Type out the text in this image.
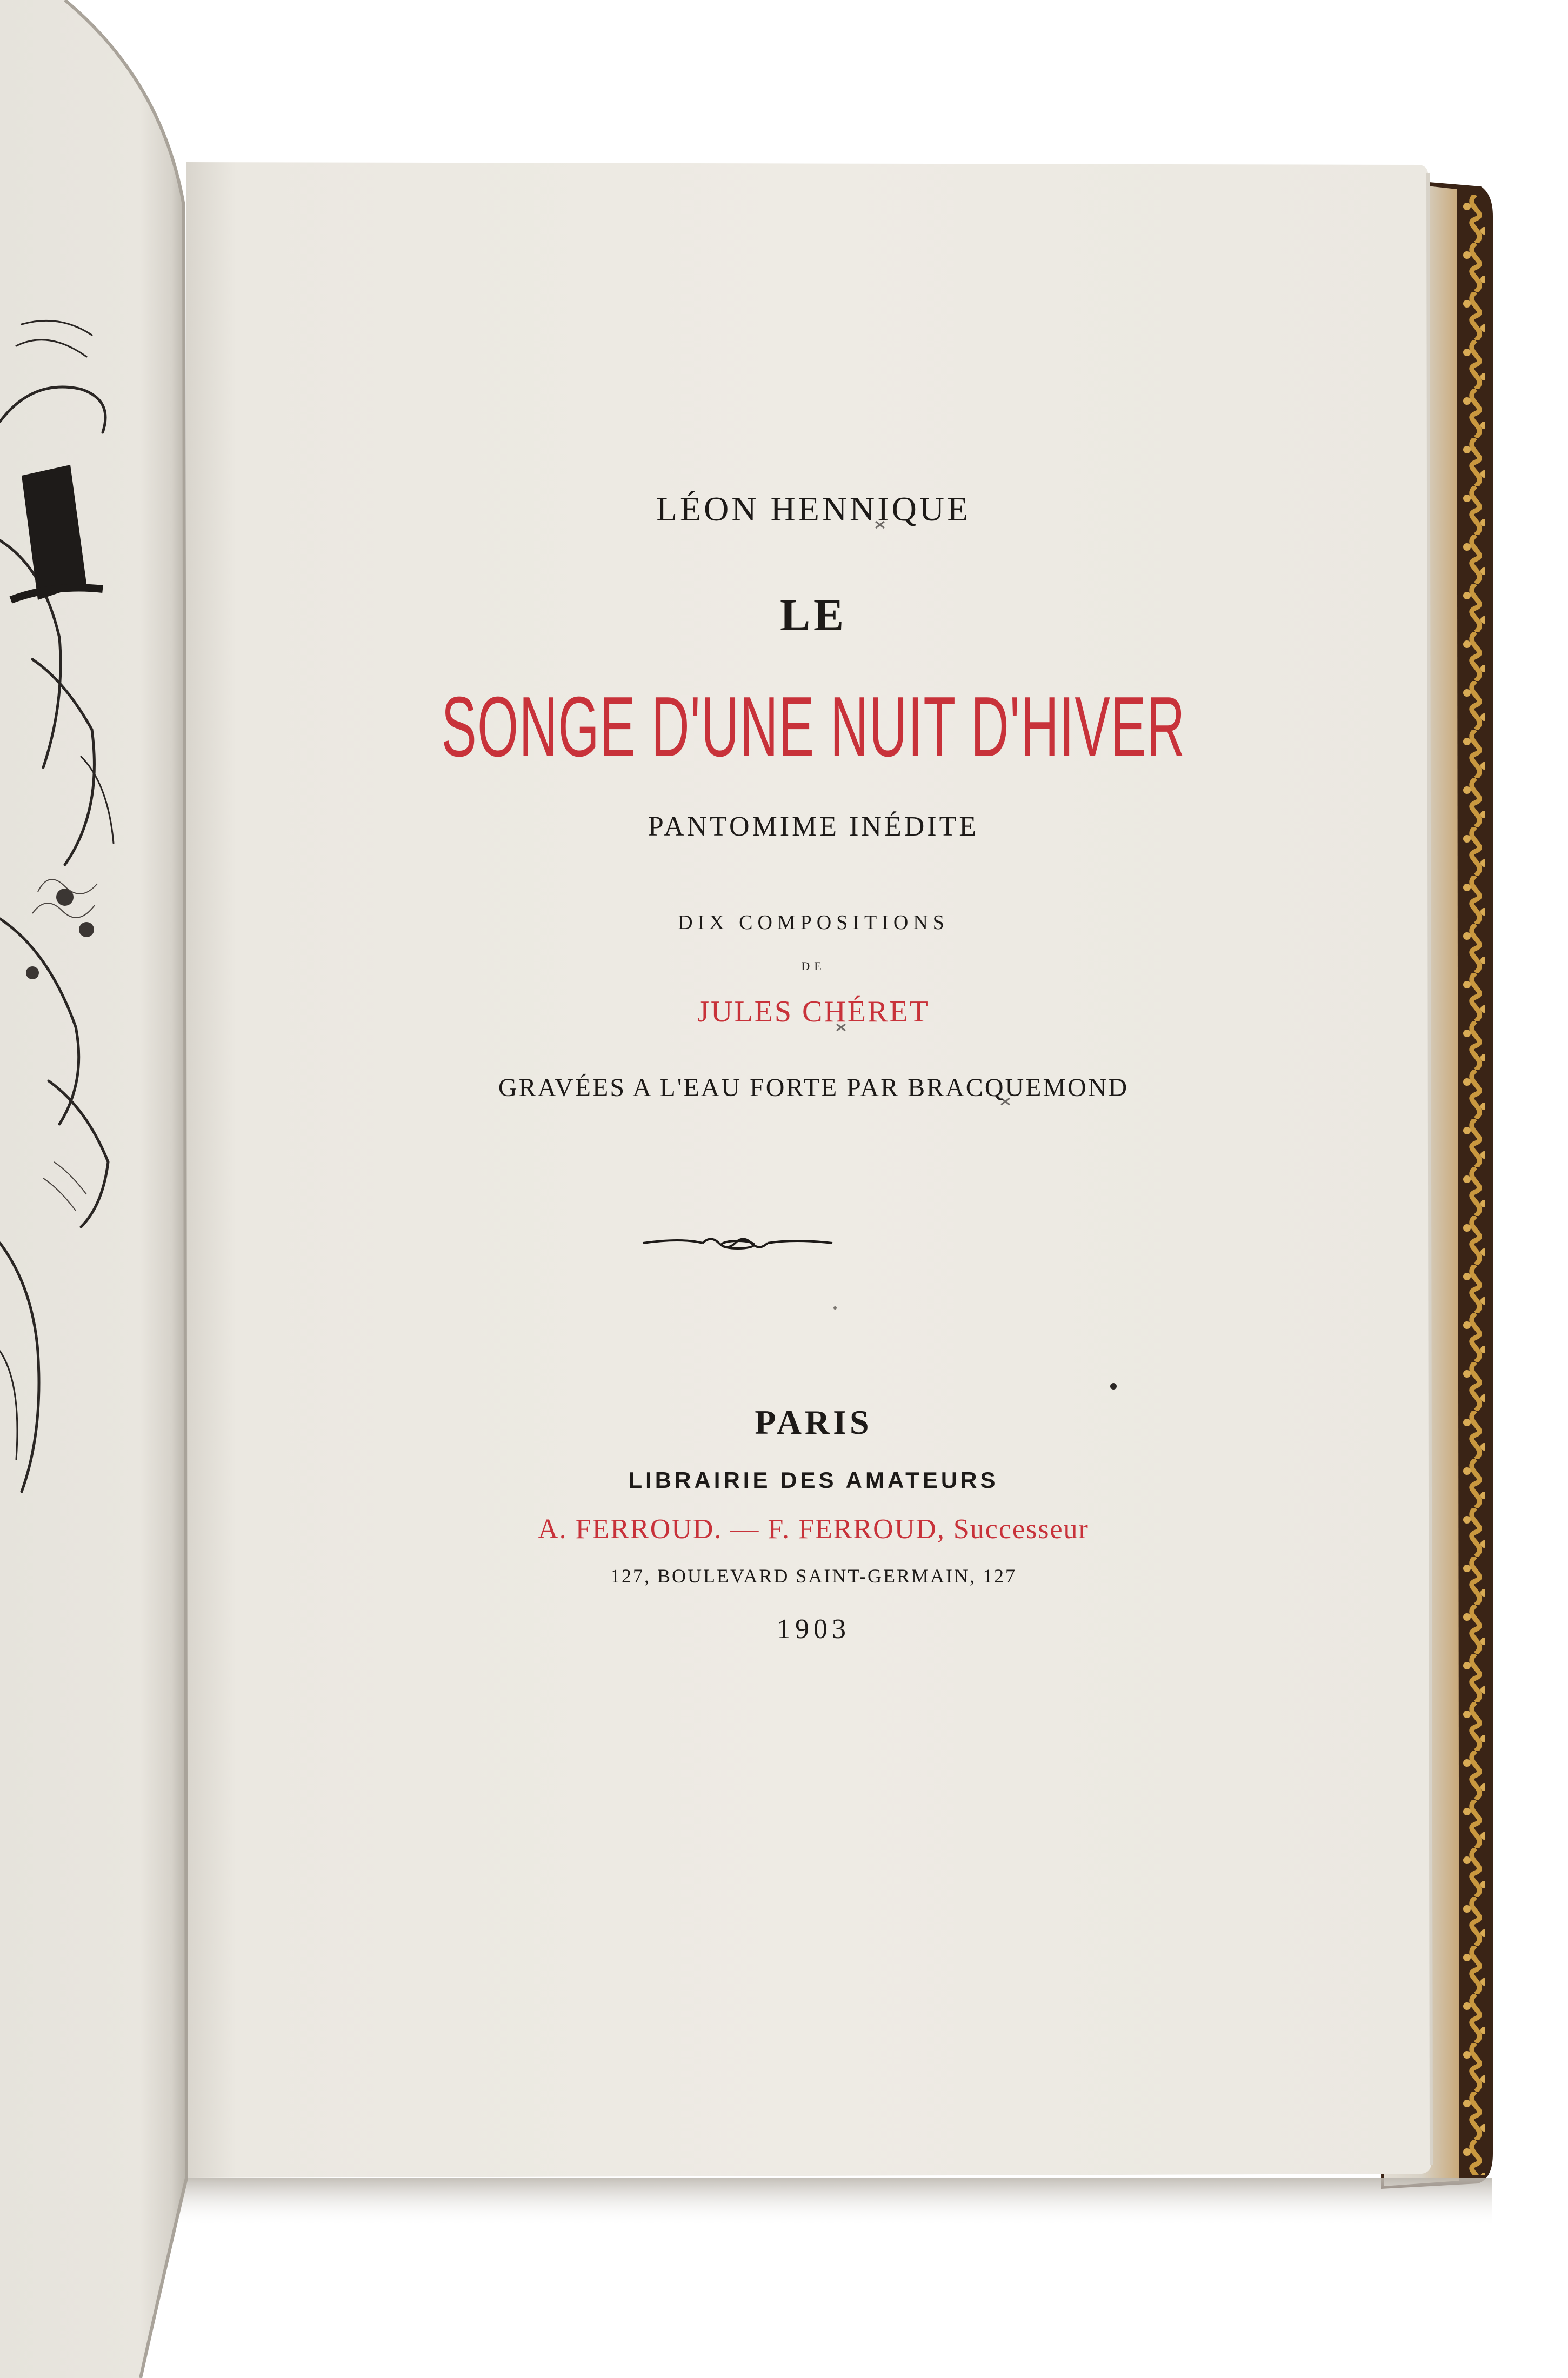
LÉON HENNIQUE
LE
SONGE D'UNE NUIT D'HIVER
PANTOMIME INÉDITE
DIX COMPOSITIONS
DE
JULES CHÉRET
GRAVÉES A L'EAU FORTE PAR BRACQUEMOND
PARIS
LIBRAIRIE DES AMATEURS
A. FERROUD. — F. FERROUD, Successeur
127, BOULEVARD SAINT-GERMAIN, 127
1903
